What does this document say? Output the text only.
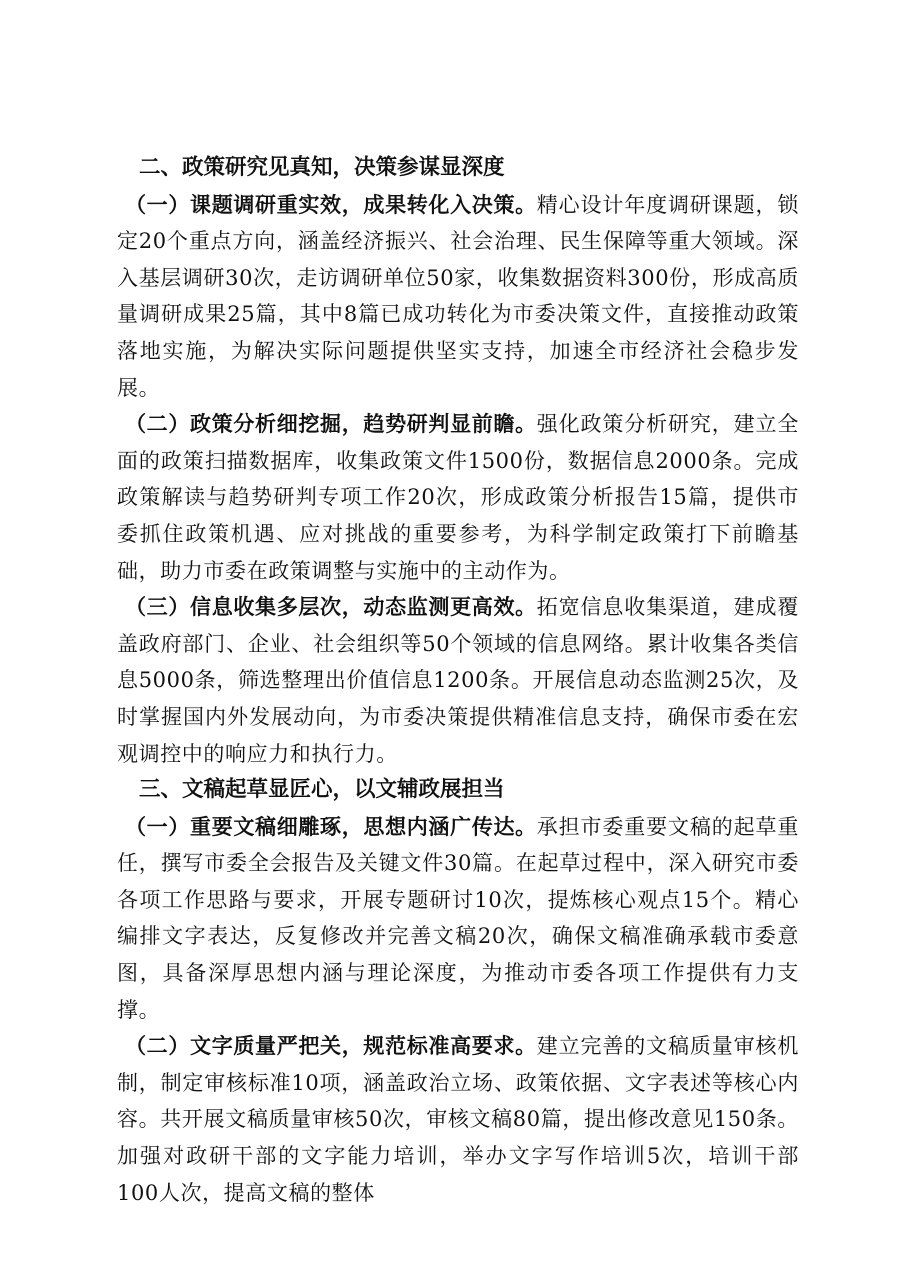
二、政策研究见真知，决策参谋显深度

（一）课题调研重实效，成果转化入决策。精心设计年度调研课题，锁定20个重点方向，涵盖经济振兴、社会治理、民生保障等重大领域。深入基层调研30次，走访调研单位50家，收集数据资料300份，形成高质量调研成果25篇，其中8篇已成功转化为市委决策文件，直接推动政策落地实施，为解决实际问题提供坚实支持，加速全市经济社会稳步发展。

（二）政策分析细挖掘，趋势研判显前瞻。强化政策分析研究，建立全面的政策扫描数据库，收集政策文件1500份，数据信息2000条。完成政策解读与趋势研判专项工作20次，形成政策分析报告15篇，提供市委抓住政策机遇、应对挑战的重要参考，为科学制定政策打下前瞻基础，助力市委在政策调整与实施中的主动作为。

（三）信息收集多层次，动态监测更高效。拓宽信息收集渠道，建成覆盖政府部门、企业、社会组织等50个领域的信息网络。累计收集各类信息5000条，筛选整理出价值信息1200条。开展信息动态监测25次，及时掌握国内外发展动向，为市委决策提供精准信息支持，确保市委在宏观调控中的响应力和执行力。

三、文稿起草显匠心，以文辅政展担当

（一）重要文稿细雕琢，思想内涵广传达。承担市委重要文稿的起草重任，撰写市委全会报告及关键文件30篇。在起草过程中，深入研究市委各项工作思路与要求，开展专题研讨10次，提炼核心观点15个。精心编排文字表达，反复修改并完善文稿20次，确保文稿准确承载市委意图，具备深厚思想内涵与理论深度，为推动市委各项工作提供有力支撑。

（二）文字质量严把关，规范标准高要求。建立完善的文稿质量审核机制，制定审核标准10项，涵盖政治立场、政策依据、文字表述等核心内容。共开展文稿质量审核50次，审核文稿80篇，提出修改意见150条。加强对政研干部的文字能力培训，举办文字写作培训5次，培训干部100人次，提高文稿的整体
